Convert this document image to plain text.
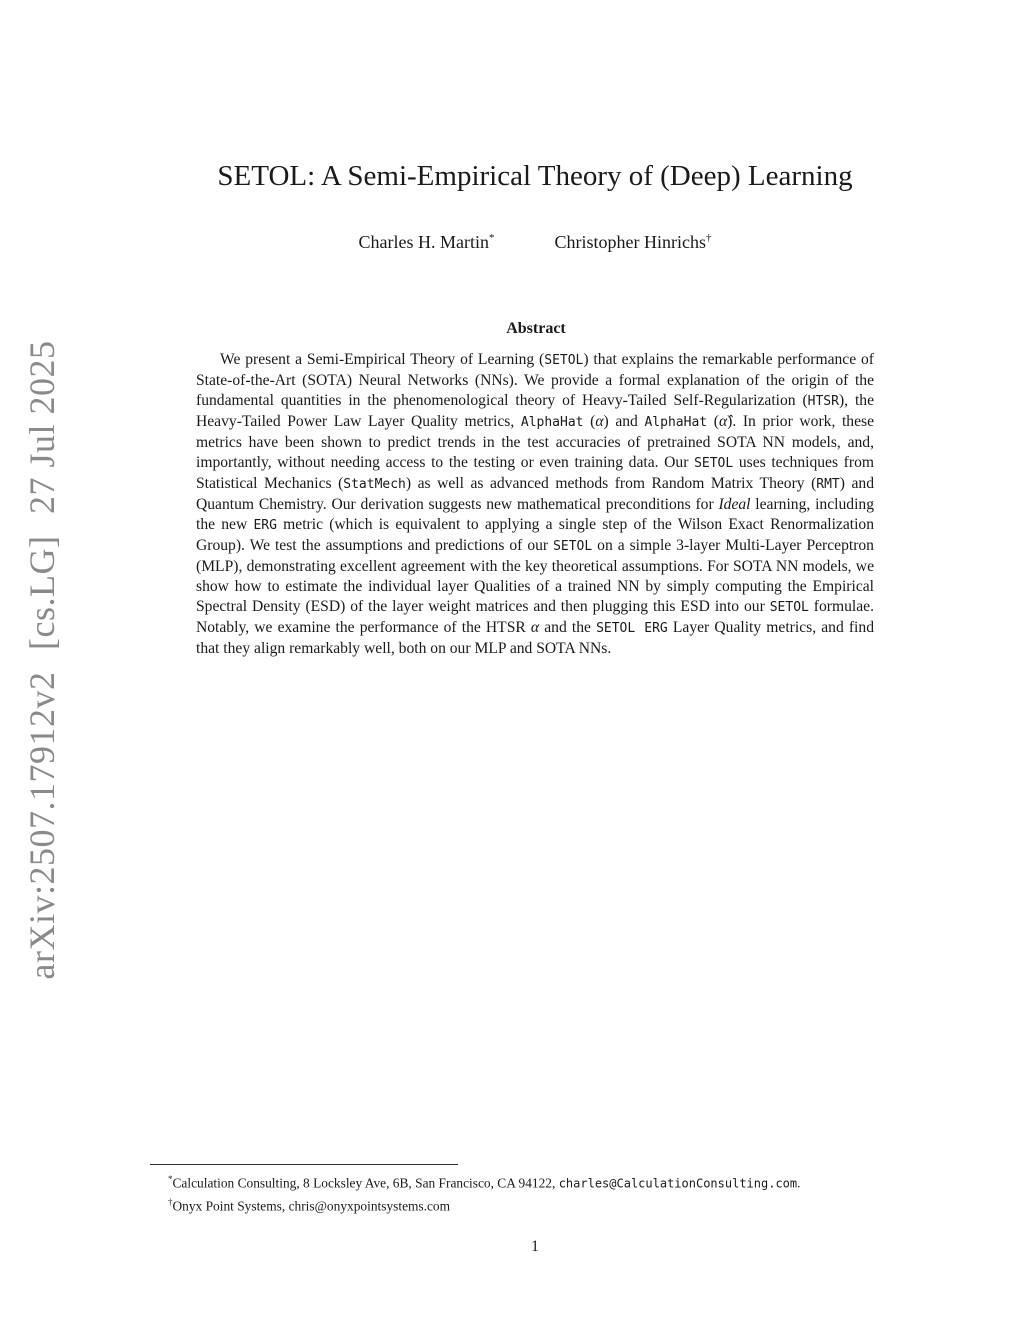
arXiv:2507.17912v2 [cs.LG] 27 Jul 2025
SETOL: A Semi-Empirical Theory of (Deep) Learning
Charles H. Martin*	Christopher Hinrichs†
Abstract

We present a Semi-Empirical Theory of Learning (SETOL) that explains the remarkable performance of State-of-the-Art (SOTA) Neural Networks (NNs). We provide a formal explanation of the origin of the fundamental quantities in the phenomenological theory of Heavy-Tailed Self-Regularization (HTSR), the Heavy-Tailed Power Law Layer Quality metrics, AlphaHat (α) and AlphaHat (α̂). In prior work, these metrics have been shown to predict trends in the test accuracies of pretrained SOTA NN models, and, importantly, without needing access to the testing or even training data. Our SETOL uses techniques from Statistical Mechanics (StatMech) as well as advanced methods from Random Matrix Theory (RMT) and Quantum Chemistry. Our derivation suggests new mathematical preconditions for Ideal learning, including the new ERG metric (which is equivalent to applying a single step of the Wilson Exact Renormalization Group). We test the assumptions and predictions of our SETOL on a simple 3-layer Multi-Layer Perceptron (MLP), demonstrating excellent agreement with the key theoretical assumptions. For SOTA NN models, we show how to estimate the individual layer Qualities of a trained NN by simply computing the Empirical Spectral Density (ESD) of the layer weight matrices and then plugging this ESD into our SETOL formulae. Notably, we examine the performance of the HTSR α and the SETOL ERG Layer Quality metrics, and find that they align remarkably well, both on our MLP and SOTA NNs.

*Calculation Consulting, 8 Locksley Ave, 6B, San Francisco, CA 94122, charles@CalculationConsulting.com.
†Onyx Point Systems, chris@onyxpointsystems.com
1
